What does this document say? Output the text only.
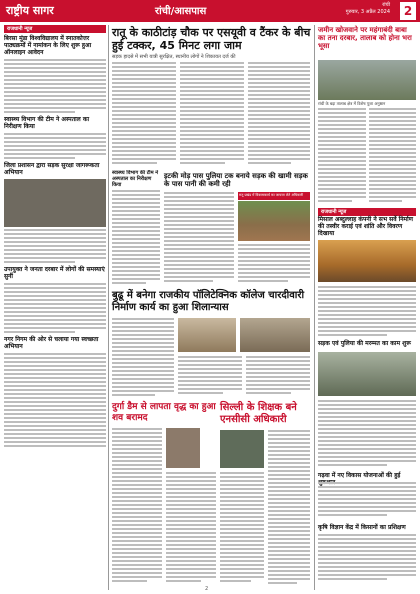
राष्ट्रीय सागर	रांची/आसपास
रांची
गुरुवार, 3 अप्रैल 2024	2
राजधानी न्यूज
बिरसा मुंडा विश्वविद्यालय में स्नातकोत्तर पाठ्यक्रमों में नामांकन के लिए शुरू हुआ ऑनलाइन आवेदन
स्वास्थ्य विभाग की टीम ने अस्पताल का निरीक्षण किया
जिला प्रशासन द्वारा सड़क सुरक्षा जागरूकता अभियान
उपायुक्त ने जनता दरबार में लोगों की समस्याएं सुनीं
नगर निगम की ओर से चलाया गया स्वच्छता अभियान
रातू के काठीटांड़ चौक पर एसयूवी व टैंकर के बीच हुई टक्कर, 45 मिनट लगा जाम
सड़क हादसे में सभी यात्री सुरक्षित, स्थानीय लोगों ने शिकायत दर्ज की
स्वास्थ्य विभाग की टीम ने अस्पताल का निरीक्षण किया
इटकी मोड़ पास पुलिया टक बनाये सड़क की खामी सड़क के पास पानी की कमी रही
रातू प्रखंड में विकासकार्य का जायजा लेते अधिकारी
बुढू में बनेगा राजकीय पॉलिटेक्निक कॉलेज चारदीवारी निर्माण कार्य का हुआ शिलान्यास
दुर्गा डैम से लापता वृद्ध का हुआ शव बरामद
सिल्ली के शिक्षक बने एनसीसी अधिकारी
जमीन खोजवाने पर महंगाबंदी बाबा का तना दरबार, तालाब को होना भरा भूसा
रांची के बड़ा तालाब क्षेत्र में विशेष पूजा अनुष्ठान
राजधानी न्यूज
मिसाल अब्दुल्लाह कंपनी ने सभ सर्वे निर्माण की तस्वीर कराई एवं शांति और विवरण दिखाया
सड़क एवं पुलिया की मरम्मत का काम शुरू
गढ़वा में नए विकास योजनाओं की हुई
कृषि विज्ञान केंद्र में किसानों का प्रशिक्षण
2
